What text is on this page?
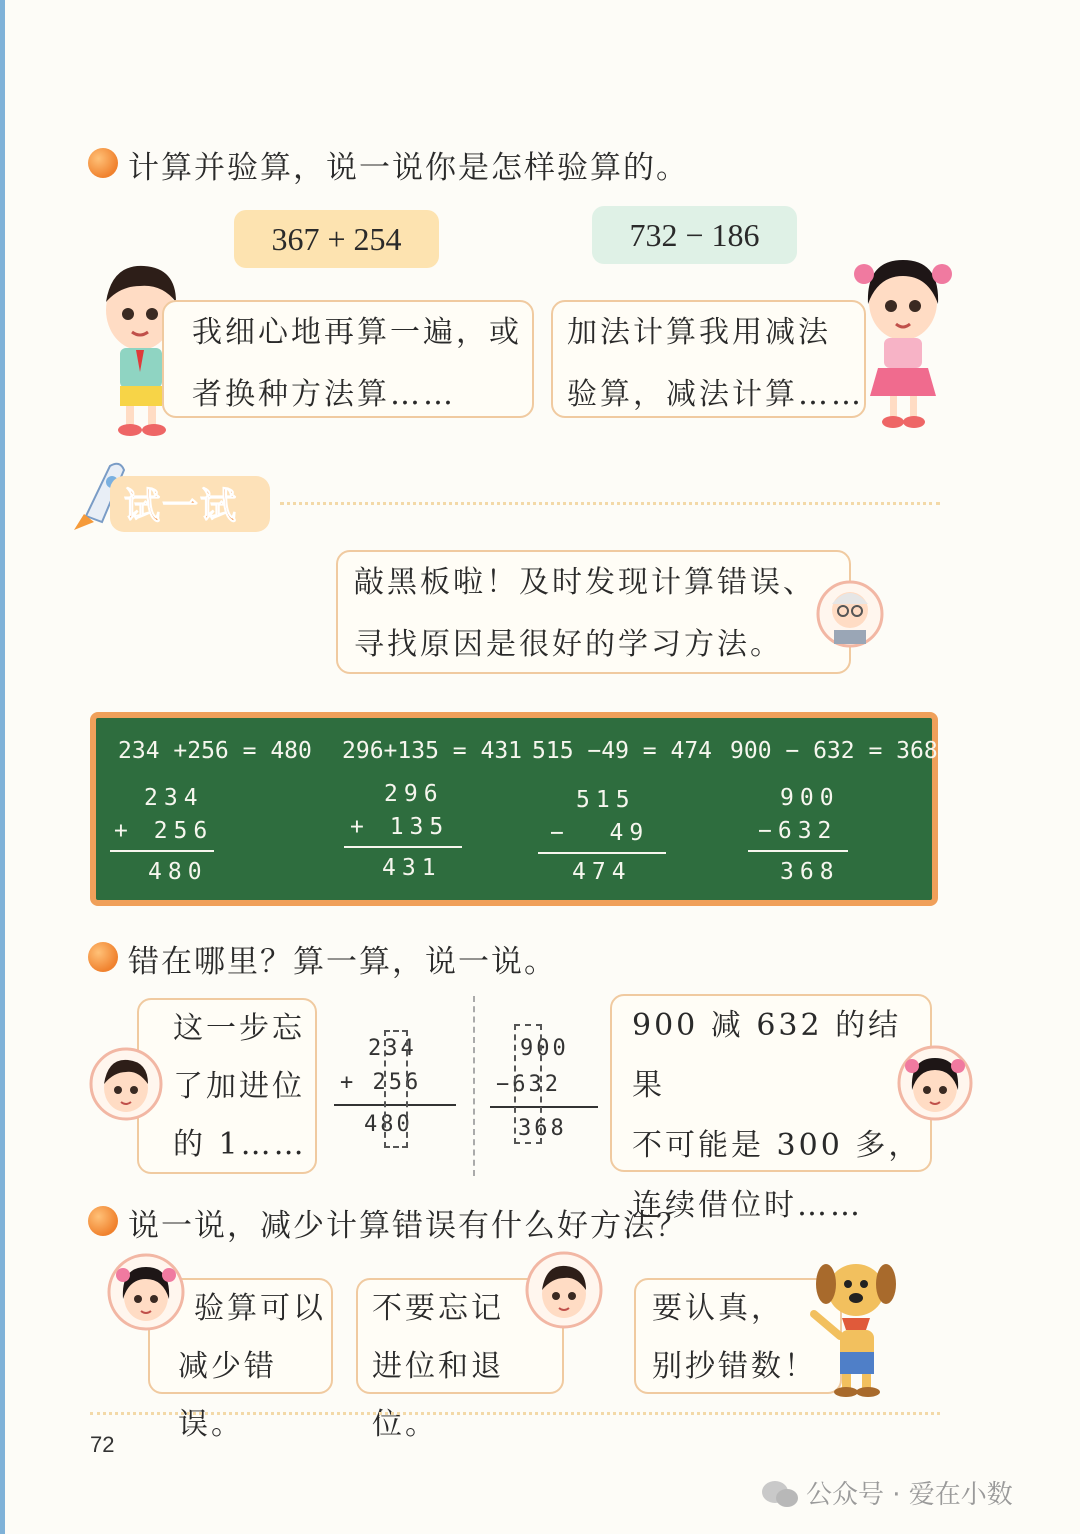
计算并验算，说一说你是怎样验算的。
367 + 254	732 − 186
我细心地再算一遍，或
者换种方法算……
加法计算我用减法
验算，减法计算……
试一试
敲黑板啦！及时发现计算错误、
寻找原因是很好的学习方法。
234 +256 = 480 296+135 = 431 515 −49 = 474 900 − 632 = 368
234
+ 256
480
296
+ 135
431
515
−  49
474
900
−632
368
错在哪里？算一算，说一说。
这一步忘
了加进位
的 1……
234
+ 256
480
900
−632
368
900 减 632 的结果
不可能是 300 多，
连续借位时……
说一说，减少计算错误有什么好方法？
验算可以
减少错误。
不要忘记
进位和退位。
要认真，
别抄错数！
72
公众号 · 爱在小数
